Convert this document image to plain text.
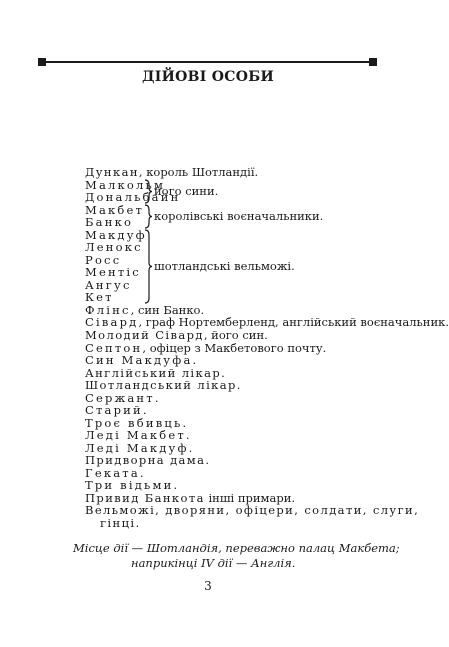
ДІЙОВІ ОСОБИ
Дункан, король Шотландії.
Малкольм
Дональбайн
Макбет
Банко
Макдуф
Ленокс
Росс
Ментіс
Ангус
Кет
Флінс, син Банко.
Сівард, граф Нортемберленд, англійський воєначальник.
Молодий Сівард, його син.
Септон, офіцер з Макбетового почту.
Син Макдуфа.
Англійський лікар.
Шотландський лікар.
Сержант.
Старий.
Троє вбивць.
Леді Макбет.
Леді Макдуф.
Придворна дама.
Геката.
Три відьми.
Привид Банкота інші примари.
його сини.
королівські воєначальники.
шотландські вельможі.
3
Вельможі, дворяни, офіцери, солдати, слуги,
гінці.
Місце дії — Шотландія, переважно палац Макбета;
наприкінці IV дії — Англія.
